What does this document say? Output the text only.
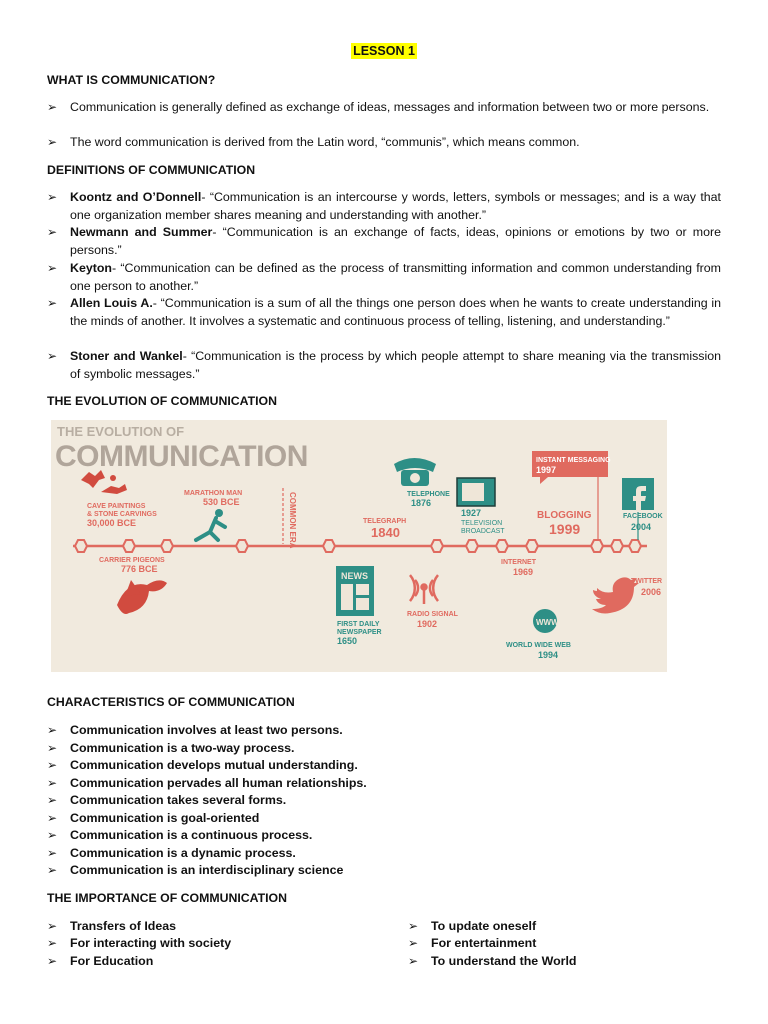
LESSON 1
WHAT IS COMMUNICATION?
➢	Communication is generally defined as exchange of ideas, messages and information between two or more persons.
➢	The word communication is derived from the Latin word, “communis”, which means common.
DEFINITIONS OF COMMUNICATION
➢	Koontz and O’Donnell- “Communication is an intercourse y words, letters, symbols or messages; and is a way that one organization member shares meaning and understanding with another.”
➢	Newmann and Summer- “Communication is an exchange of facts, ideas, opinions or emotions by two or more persons.”
➢	Keyton- “Communication can be defined as the process of transmitting information and common understanding from one person to another.”
➢	Allen Louis A.- “Communication is a sum of all the things one person does when he wants to create understanding in the minds of another. It involves a systematic and continuous process of telling, listening, and understanding.”
➢	Stoner and Wankel- “Communication is the process by which people attempt to share meaning via the transmission of symbolic messages.”
THE EVOLUTION OF COMMUNICATION
THE EVOLUTION OF
COMMUNICATION
COMMON ERA
CAVE PAINTINGS
& STONE CARVINGS
30,000 BCE
CARRIER PIGEONS
776 BCE
MARATHON MAN
530 BCE
NEWS
FIRST DAILY
NEWSPAPER
1650
TELEGRAPH
1840
TELEPHONE
1876
RADIO SIGNAL
1902
1927
TELEVISION
BROADCAST
INTERNET
1969
WWW
WORLD WIDE WEB
1994
INSTANT MESSAGING
1997
BLOGGING
1999
FACEBOOK
2004
TWITTER
2006
CHARACTERISTICS OF COMMUNICATION
➢	Communication involves at least two persons.
➢	Communication is a two-way process.
➢	Communication develops mutual understanding.
➢	Communication pervades all human relationships.
➢	Communication takes several forms.
➢	Communication is goal-oriented
➢	Communication is a continuous process.
➢	Communication is a dynamic process.
➢	Communication is an interdisciplinary science
THE IMPORTANCE OF COMMUNICATION
➢	Transfers of Ideas
➢	For interacting with society
➢	For Education
➢	To update oneself
➢	For entertainment
➢	To understand the World
